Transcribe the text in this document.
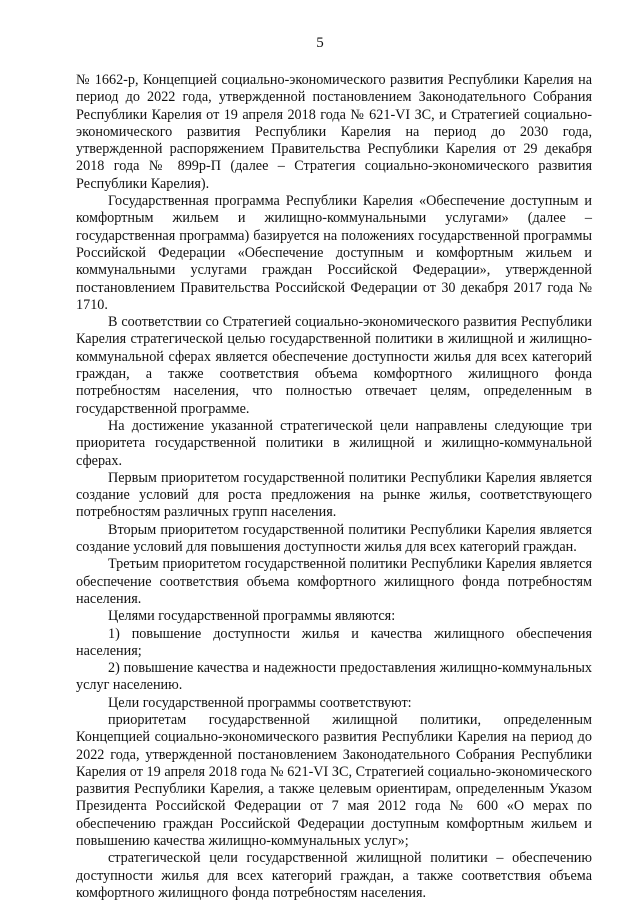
5

№ 1662-р, Концепцией социально-экономического развития Республики Карелия на период до 2022 года, утвержденной постановлением Законодательного Собрания Республики Карелия от 19 апреля 2018 года № 621-VI ЗС, и Стратегией социально-экономического развития Республики Карелия на период до 2030 года, утвержденной распоряжением Правительства Республики Карелия от 29 декабря 2018 года № 899р-П (далее – Стратегия социально-экономического развития Республики Карелия).

Государственная программа Республики Карелия «Обеспечение доступным и комфортным жильем и жилищно-коммунальными услугами» (далее – государственная программа) базируется на положениях государственной программы Российской Федерации «Обеспечение доступным и комфортным жильем и коммунальными услугами граждан Российской Федерации», утвержденной постановлением Правительства Российской Федерации от 30 декабря 2017 года № 1710.

В соответствии со Стратегией социально-экономического развития Республики Карелия стратегической целью государственной политики в жилищной и жилищно-коммунальной сферах является обеспечение доступности жилья для всех категорий граждан, а также соответствия объема комфортного жилищного фонда потребностям населения, что полностью отвечает целям, определенным в государственной программе.

На достижение указанной стратегической цели направлены следующие три приоритета государственной политики в жилищной и жилищно-коммунальной сферах.

Первым приоритетом государственной политики Республики Карелия является создание условий для роста предложения на рынке жилья, соответствующего потребностям различных групп населения.

Вторым приоритетом государственной политики Республики Карелия является создание условий для повышения доступности жилья для всех категорий граждан.

Третьим приоритетом государственной политики Республики Карелия является обеспечение соответствия объема комфортного жилищного фонда потребностям населения.

Целями государственной программы являются:

1) повышение доступности жилья и качества жилищного обеспечения населения;

2) повышение качества и надежности предоставления жилищно-коммунальных услуг населению.

Цели государственной программы соответствуют:

приоритетам государственной жилищной политики, определенным Концепцией социально-экономического развития Республики Карелия на период до 2022 года, утвержденной постановлением Законодательного Собрания Республики Карелия от 19 апреля 2018 года № 621-VI ЗС, Стратегией социально-экономического развития Республики Карелия, а также целевым ориентирам, определенным Указом Президента Российской Федерации от 7 мая 2012 года № 600 «О мерах по обеспечению граждан Российской Федерации доступным комфортным жильем и повышению качества жилищно-коммунальных услуг»;

стратегической цели государственной жилищной политики – обеспечению доступности жилья для всех категорий граждан, а также соответствия объема комфортного жилищного фонда потребностям населения.
